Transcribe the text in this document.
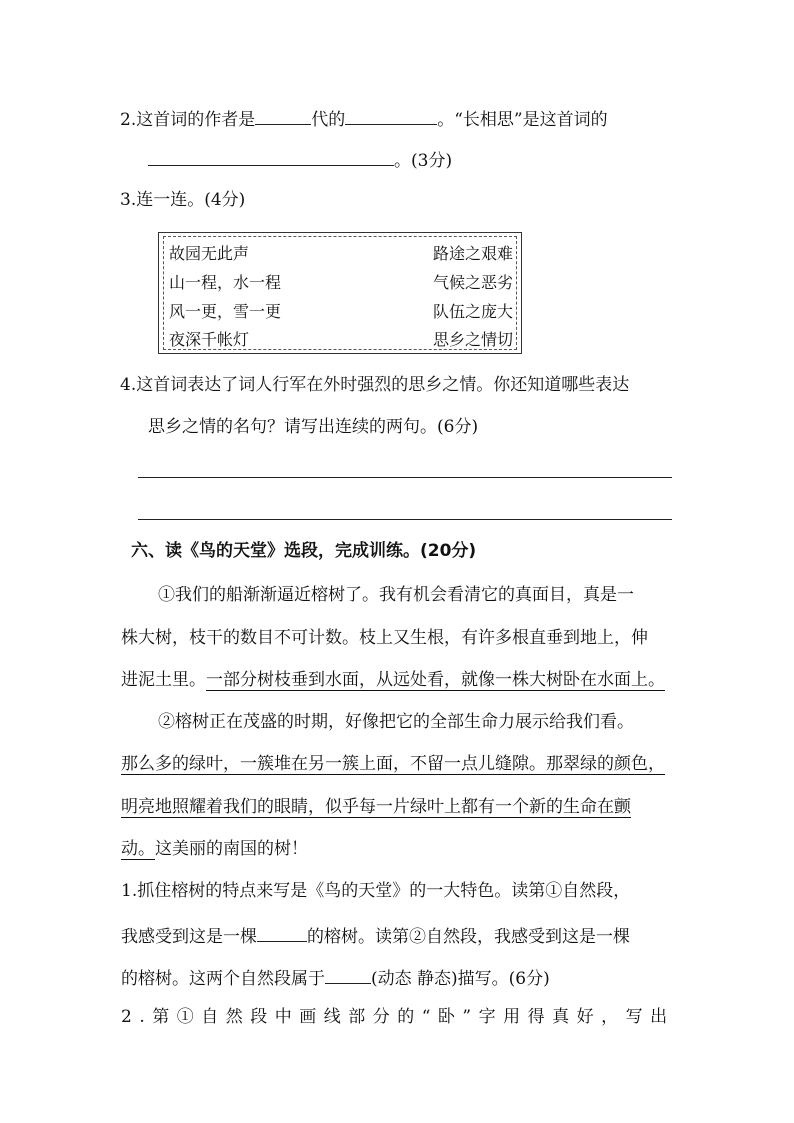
2.这首词的作者是	代的	。“长相思”是这首词的
。(3分)
3.连一连。(4分)
故园无此声	路途之艰难
山一程，水一程	气候之恶劣
风一更，雪一更	队伍之庞大
夜深千帐灯	思乡之情切
4.这首词表达了词人行军在外时强烈的思乡之情。你还知道哪些表达
思乡之情的名句？请写出连续的两句。(6分)
六、读《鸟的天堂》选段，完成训练。(20分)
①我们的船渐渐逼近榕树了。我有机会看清它的真面目，真是一
株大树，枝干的数目不可计数。枝上又生根，有许多根直垂到地上，伸
进泥土里。一部分树枝垂到水面，从远处看，就像一株大树卧在水面上。
②榕树正在茂盛的时期，好像把它的全部生命力展示给我们看。
那么多的绿叶，一簇堆在另一簇上面，不留一点儿缝隙。那翠绿的颜色，
明亮地照耀着我们的眼睛，似乎每一片绿叶上都有一个新的生命在颤
动。这美丽的南国的树！
1.抓住榕树的特点来写是《鸟的天堂》的一大特色。读第①自然段，
我感受到这是一棵	的榕树。读第②自然段，我感受到这是一棵
的榕树。这两个自然段属于	(动态 静态)描写。(6分)
2.第①自然段中画线部分的“卧”字用得真好，写出
